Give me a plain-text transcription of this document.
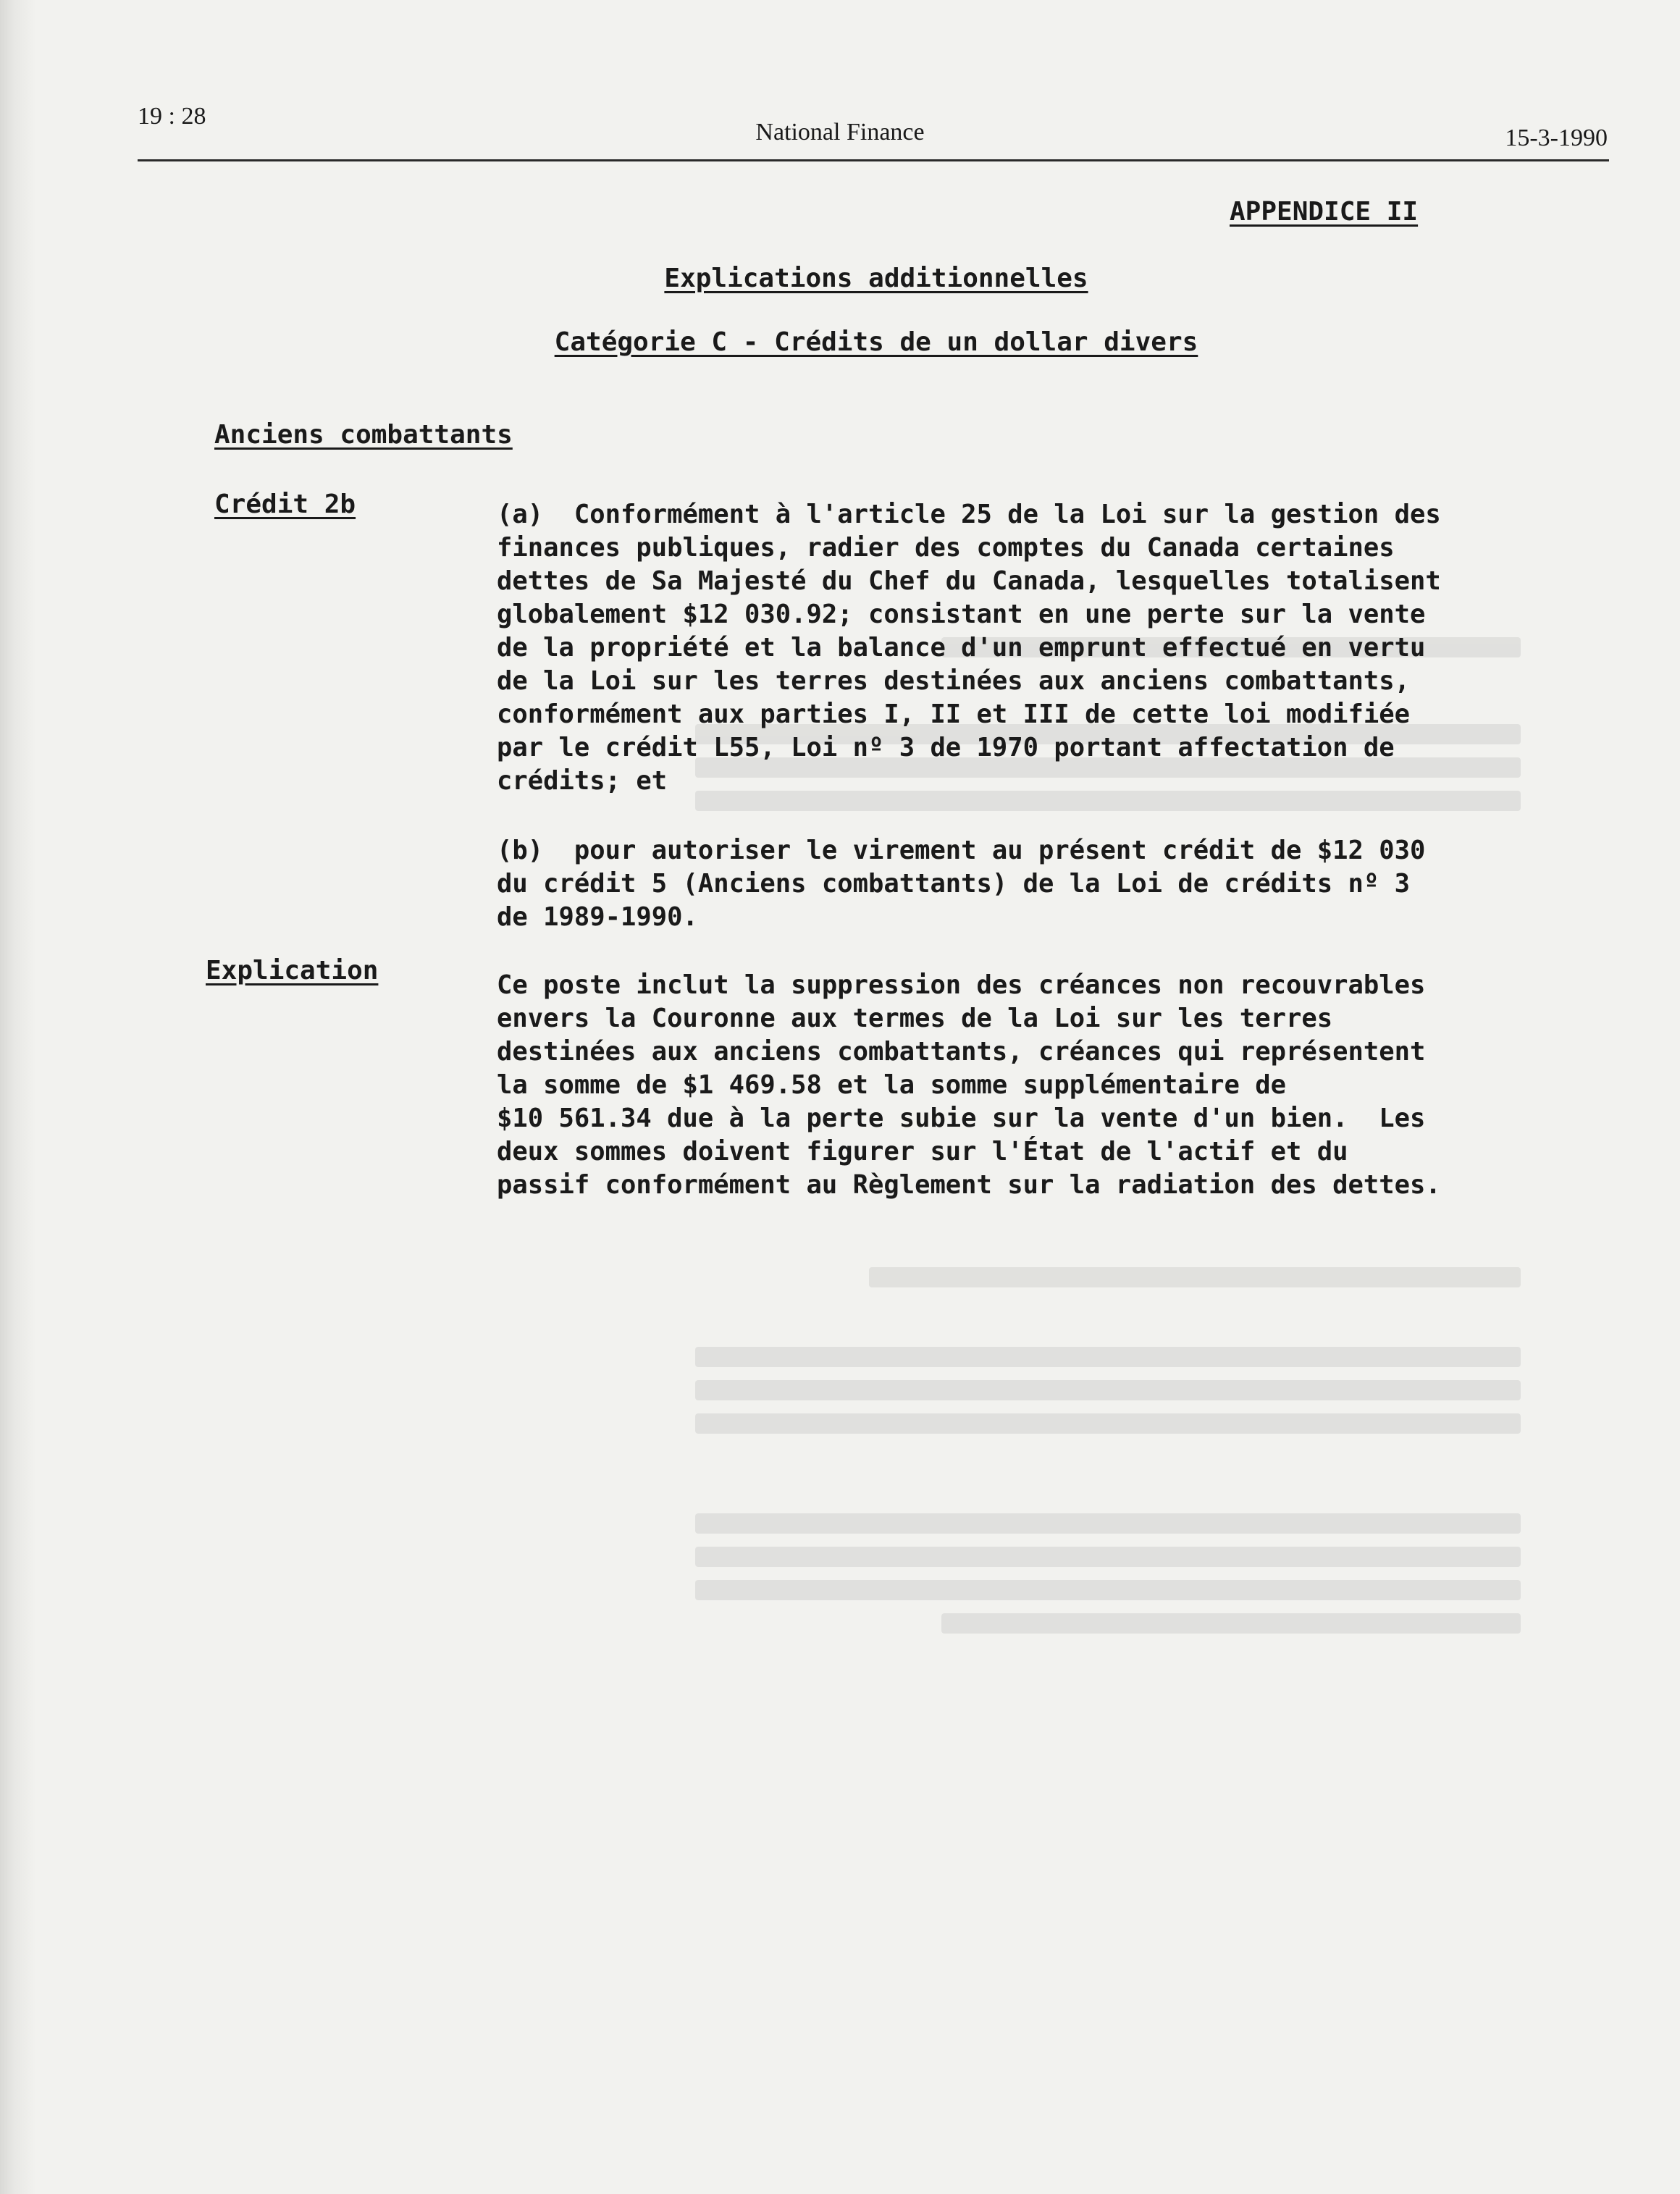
19 : 28
National Finance	15-3-1990
APPENDICE II
Explications additionnelles
Catégorie C - Crédits de un dollar divers
Anciens combattants
Crédit 2b	(a)  Conformément à l'article 25 de la Loi sur la gestion des
finances publiques, radier des comptes du Canada certaines
dettes de Sa Majesté du Chef du Canada, lesquelles totalisent
globalement $12 030.92; consistant en une perte sur la vente
de la propriété et la balance d'un emprunt effectué en vertu
de la Loi sur les terres destinées aux anciens combattants,
conformément aux parties I, II et III de cette loi modifiée
par le crédit L55, Loi nº 3 de 1970 portant affectation de
crédits; et

(b)  pour autoriser le virement au présent crédit de $12 030
du crédit 5 (Anciens combattants) de la Loi de crédits nº 3
de 1989-1990.

Explication	Ce poste inclut la suppression des créances non recouvrables
envers la Couronne aux termes de la Loi sur les terres
destinées aux anciens combattants, créances qui représentent
la somme de $1 469.58 et la somme supplémentaire de
$10 561.34 due à la perte subie sur la vente d'un bien.  Les
deux sommes doivent figurer sur l'État de l'actif et du
passif conformément au Règlement sur la radiation des dettes.
